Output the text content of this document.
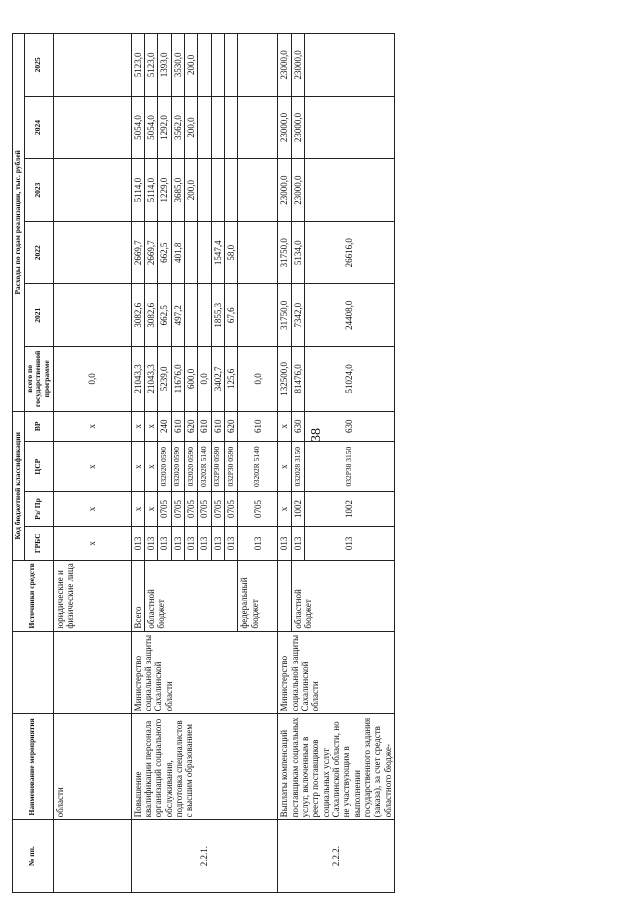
38
№ пп.	Наименование мероприятия		Источники средств	Код бюджетной классификации				Расходы по годам реализации, тыс. рублей					
				ГРБС	Рз/ Пр	ЦСР	ВР	всего по государственной программе	2021	2022	2023	2024	2025
	области		юридические и физические лица	х	х	х	х	0,0					
2.2.1.	Повышение квалификации персонала организаций социального обслуживания, подготовка специалистов с высшим образованием	Министерство социальной защиты Сахалинской области	Всего	013	х	х	х	21043,3	3082,6	2669,7	5114,0	5054,0	5123,0
			областной бюджет	013	х	х	х	21043,3	3082,6	2669,7	5114,0	5054,0	5123,0
				013	0705	032020 0590	240	5239,0	662,5	662,5	1229,0	1292,0	1393,0
				013	0705	032020 0590	610	11676,0	497,2	401,8	3685,0	3562,0	3530,0
				013	0705	032020 0590	620	600,0			200,0	200,0	200,0
				013	0705	03202R 5140	610	0,0					
				013	0705	032P30 0590	610	3402,7	1855,3	1547,4			
				013	0705	032P30 0590	620	125,6	67,6	58,0			
			федеральный бюджет	013	0705	03202R 5140	610	0,0					
2.2.2.	Выплаты компенсаций поставщикам социальных услуг, включенным в реестр поставщиков социальных услуг Сахалинской области, но не участвующим в выполнении государственного задания (заказа), за счет средств областного бюдже-	Министерство социальной защиты Сахалинской области		013	х	х	х	132500,0	31750,0	31750,0	23000,0	23000,0	23000,0
			областной бюджет	013	1002	032028 3150	630	81476,0	7342,0	5134,0	23000,0	23000,0	23000,0
				013	1002	032P38 3150	630	51024,0	24408,0	26616,0			
